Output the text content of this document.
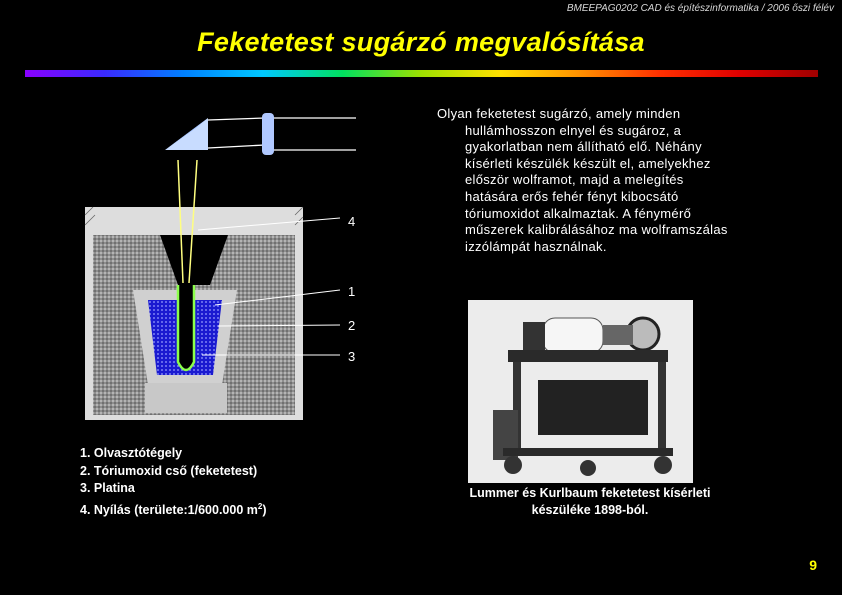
BMEEPAG0202 CAD és építészinformatika / 2006 őszi félév
Feketetest sugárzó megvalósítása
4
1
2
3
Olyan feketetest sugárzó, amely minden
hullámhosszon elnyel és sugároz, a
gyakorlatban nem állítható elő. Néhány
kísérleti készülék készült el, amelyekhez
először wolframot, majd a melegítés
hatására erős fehér fényt kibocsátó
tóriumoxidot alkalmaztak. A fénymérő
műszerek kalibrálásához ma wolframszálas
izzólámpát használnak.
Lummer és Kurlbaum feketetest kísérleti
készüléke 1898-ból.
1. Olvasztótégely
2. Tóriumoxid cső (feketetest)
3. Platina
4. Nyílás (területe:1/600.000 $m^2$)
9
